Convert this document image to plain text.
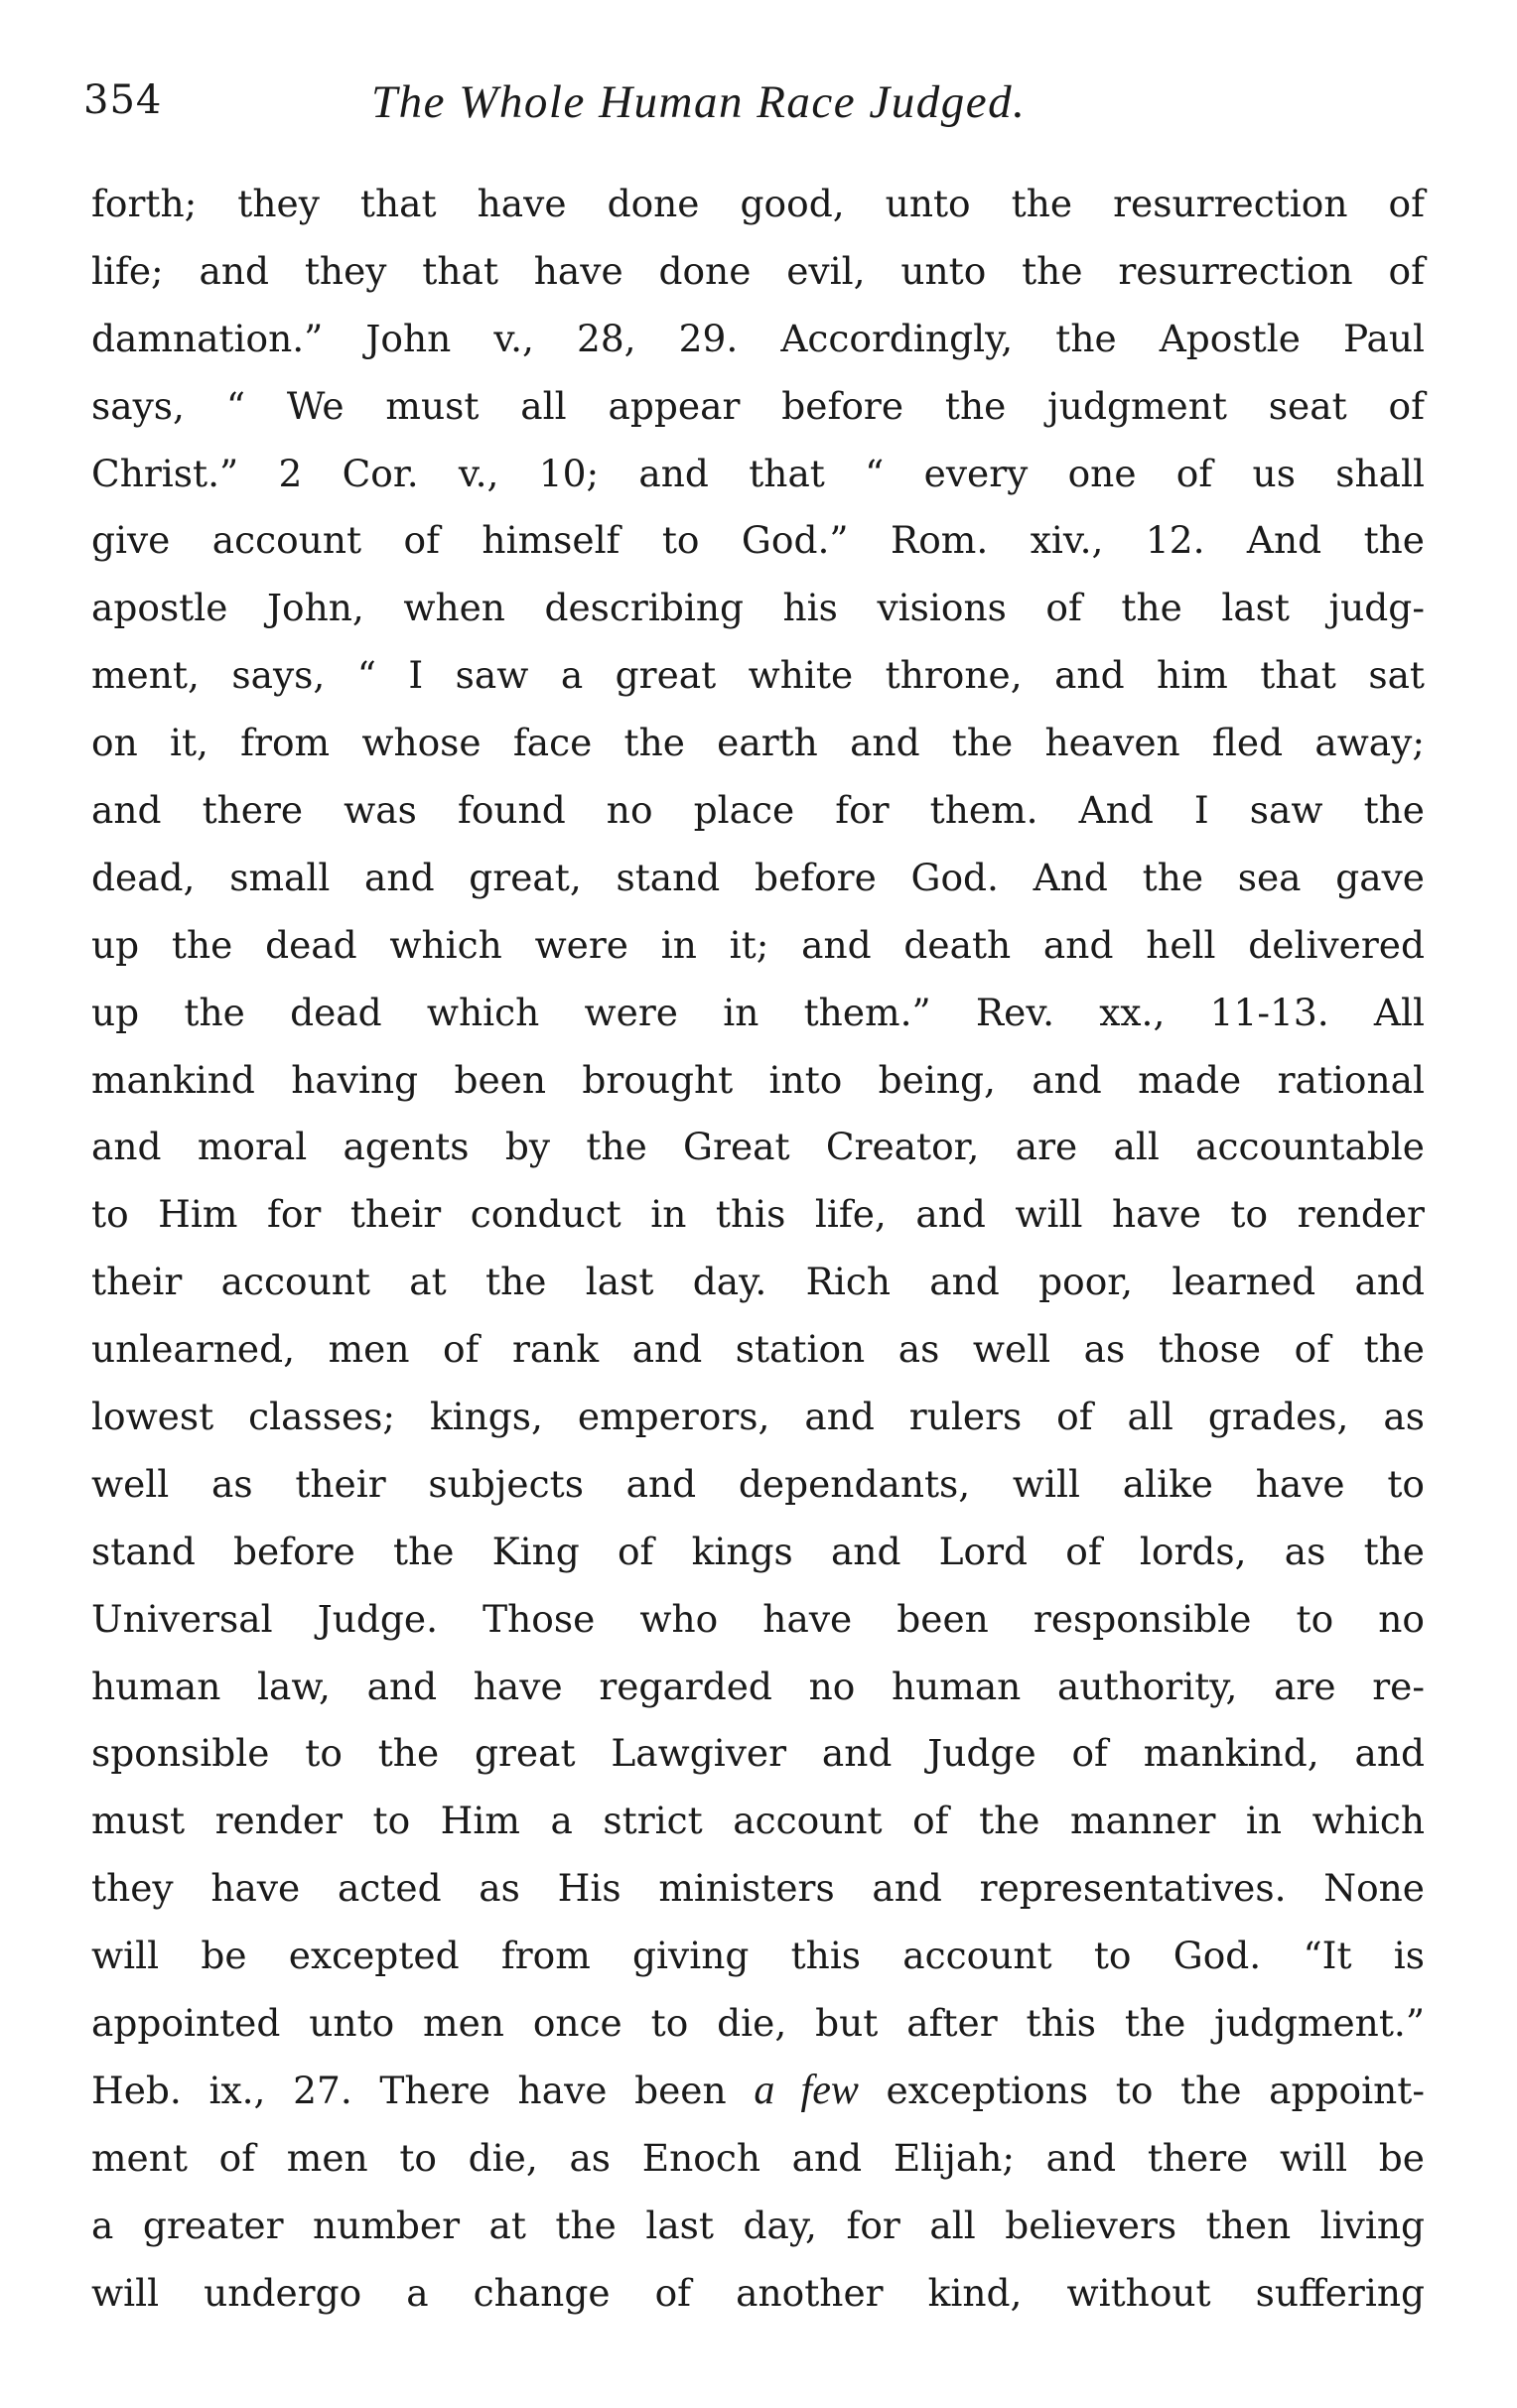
354	The Whole Human Race Judged.
forth; they that have done good, unto the resurrection of
life; and they that have done evil, unto the resurrection of
damnation.” John v., 28, 29. Accordingly, the Apostle Paul
says, “ We must all appear before the judgment seat of
Christ.” 2 Cor. v., 10; and that “ every one of us shall
give account of himself to God.” Rom. xiv., 12. And the
apostle John, when describing his visions of the last judg-
ment, says, “ I saw a great white throne, and him that sat
on it, from whose face the earth and the heaven fled away;
and there was found no place for them. And I saw the
dead, small and great, stand before God. And the sea gave
up the dead which were in it; and death and hell delivered
up the dead which were in them.” Rev. xx., 11-13. All
mankind having been brought into being, and made rational
and moral agents by the Great Creator, are all accountable
to Him for their conduct in this life, and will have to render
their account at the last day. Rich and poor, learned and
unlearned, men of rank and station as well as those of the
lowest classes; kings, emperors, and rulers of all grades, as
well as their subjects and dependants, will alike have to
stand before the King of kings and Lord of lords, as the
Universal Judge. Those who have been responsible to no
human law, and have regarded no human authority, are re-
sponsible to the great Lawgiver and Judge of mankind, and
must render to Him a strict account of the manner in which
they have acted as His ministers and representatives. None
will be excepted from giving this account to God. “It is
appointed unto men once to die, but after this the judgment.”
Heb. ix., 27. There have been a few exceptions to the appoint-
ment of men to die, as Enoch and Elijah; and there will be
a greater number at the last day, for all believers then living
will undergo a change of another kind, without suffering
